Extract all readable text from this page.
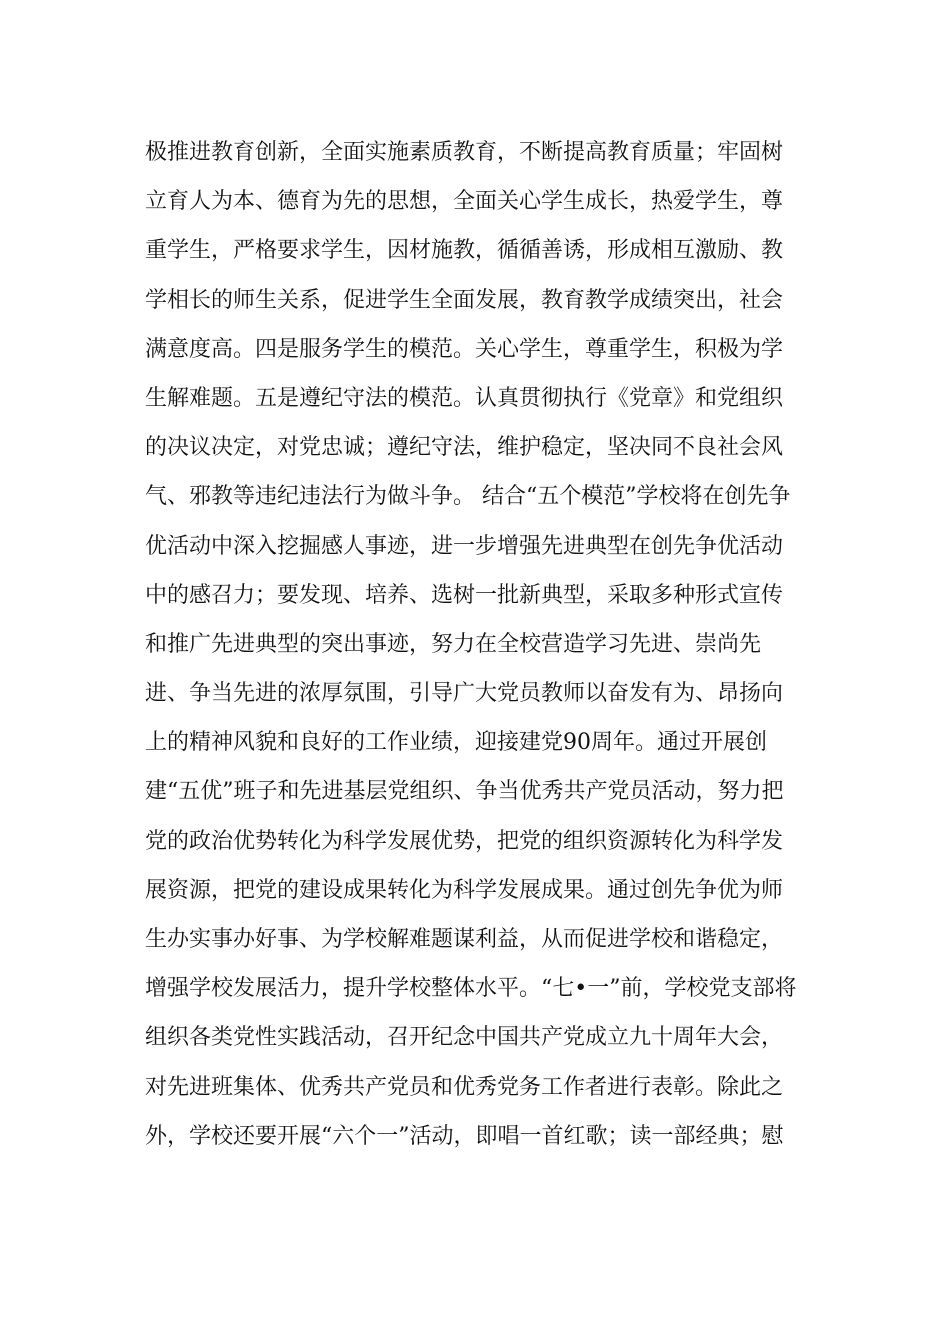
极推进教育创新，全面实施素质教育，不断提高教育质量；牢固树
立育人为本、德育为先的思想，全面关心学生成长，热爱学生，尊
重学生，严格要求学生，因材施教，循循善诱，形成相互激励、教
学相长的师生关系，促进学生全面发展，教育教学成绩突出，社会
满意度高。四是服务学生的模范。关心学生，尊重学生，积极为学
生解难题。五是遵纪守法的模范。认真贯彻执行《党章》和党组织
的决议决定，对党忠诚；遵纪守法，维护稳定，坚决同不良社会风
气、邪教等违纪违法行为做斗争。 结合“五个模范”学校将在创先争
优活动中深入挖掘感人事迹，进一步增强先进典型在创先争优活动
中的感召力；要发现、培养、选树一批新典型，采取多种形式宣传
和推广先进典型的突出事迹，努力在全校营造学习先进、崇尚先
进、争当先进的浓厚氛围，引导广大党员教师以奋发有为、昂扬向
上的精神风貌和良好的工作业绩，迎接建党90周年。通过开展创
建“五优”班子和先进基层党组织、争当优秀共产党员活动，努力把
党的政治优势转化为科学发展优势，把党的组织资源转化为科学发
展资源，把党的建设成果转化为科学发展成果。通过创先争优为师
生办实事办好事、为学校解难题谋利益，从而促进学校和谐稳定，
增强学校发展活力，提升学校整体水平。“七•一”前，学校党支部将
组织各类党性实践活动，召开纪念中国共产党成立九十周年大会，
对先进班集体、优秀共产党员和优秀党务工作者进行表彰。除此之
外，学校还要开展“六个一”活动，即唱一首红歌；读一部经典；慰
